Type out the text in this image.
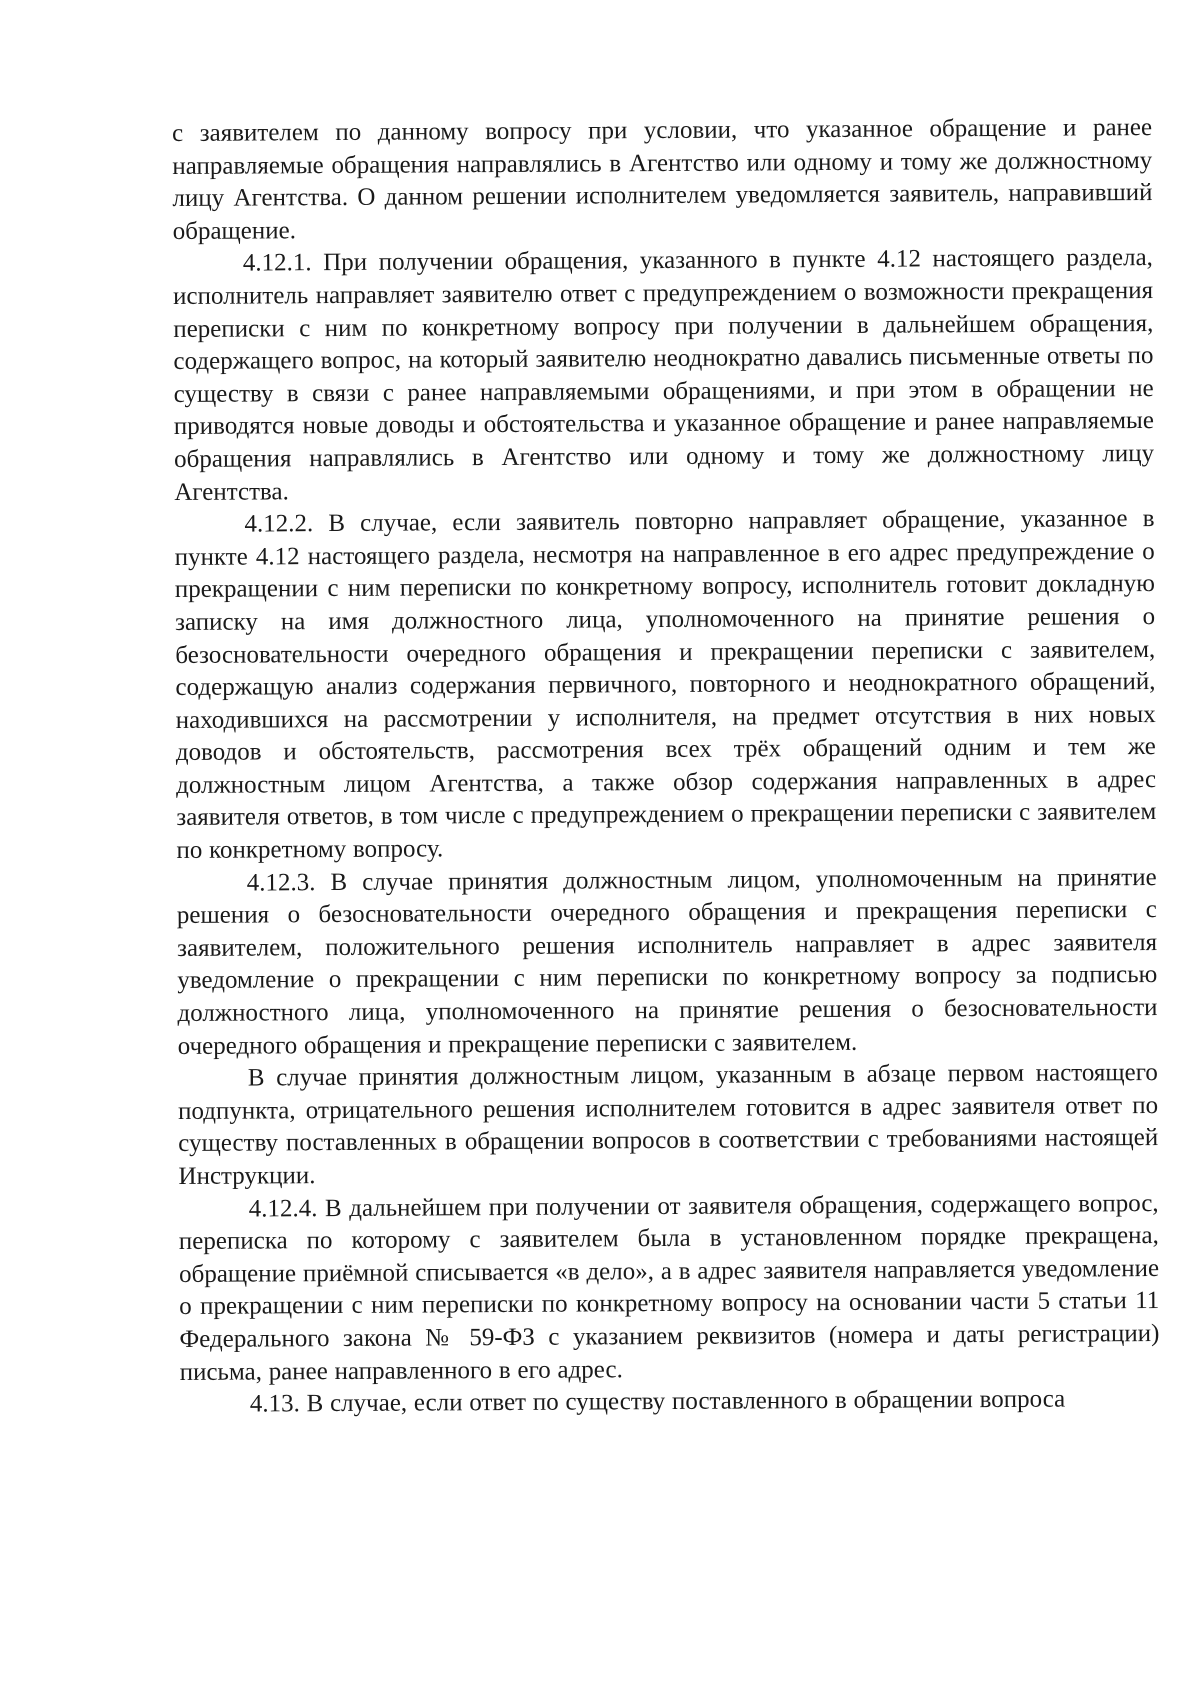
с заявителем по данному вопросу при условии, что указанное обращение и ранее направляемые обращения направлялись в Агентство или одному и тому же должностному лицу Агентства. О данном решении исполнителем уведомляется заявитель, направивший обращение.

4.12.1. При получении обращения, указанного в пункте 4.12 настоящего раздела, исполнитель направляет заявителю ответ с предупреждением о возможности прекращения переписки с ним по конкретному вопросу при получении в дальнейшем обращения, содержащего вопрос, на который заявителю неоднократно давались письменные ответы по существу в связи с ранее направляемыми обращениями, и при этом в обращении не приводятся новые доводы и обстоятельства и указанное обращение и ранее направляемые обращения направлялись в Агентство или одному и тому же должностному лицу Агентства.

4.12.2. В случае, если заявитель повторно направляет обращение, указанное в пункте 4.12 настоящего раздела, несмотря на направленное в его адрес предупреждение о прекращении с ним переписки по конкретному вопросу, исполнитель готовит докладную записку на имя должностного лица, уполномоченного на принятие решения о безосновательности очередного обращения и прекращении переписки с заявителем, содержащую анализ содержания первичного, повторного и неоднократного обращений, находившихся на рассмотрении у исполнителя, на предмет отсутствия в них новых доводов и обстоятельств, рассмотрения всех трёх обращений одним и тем же должностным лицом Агентства, а также обзор содержания направленных в адрес заявителя ответов, в том числе с предупреждением о прекращении переписки с заявителем по конкретному вопросу.

4.12.3. В случае принятия должностным лицом, уполномоченным на принятие решения о безосновательности очередного обращения и прекращения переписки с заявителем, положительного решения исполнитель направляет в адрес заявителя уведомление о прекращении с ним переписки по конкретному вопросу за подписью должностного лица, уполномоченного на принятие решения о безосновательности очередного обращения и прекращение переписки с заявителем.

В случае принятия должностным лицом, указанным в абзаце первом настоящего подпункта, отрицательного решения исполнителем готовится в адрес заявителя ответ по существу поставленных в обращении вопросов в соответствии с требованиями настоящей Инструкции.

4.12.4. В дальнейшем при получении от заявителя обращения, содержащего вопрос, переписка по которому с заявителем была в установленном порядке прекращена, обращение приёмной списывается «в дело», а в адрес заявителя направляется уведомление о прекращении с ним переписки по конкретному вопросу на основании части 5 статьи 11 Федерального закона № 59-ФЗ с указанием реквизитов (номера и даты регистрации) письма, ранее направленного в его адрес.

4.13. В случае, если ответ по существу поставленного в обращении вопроса
